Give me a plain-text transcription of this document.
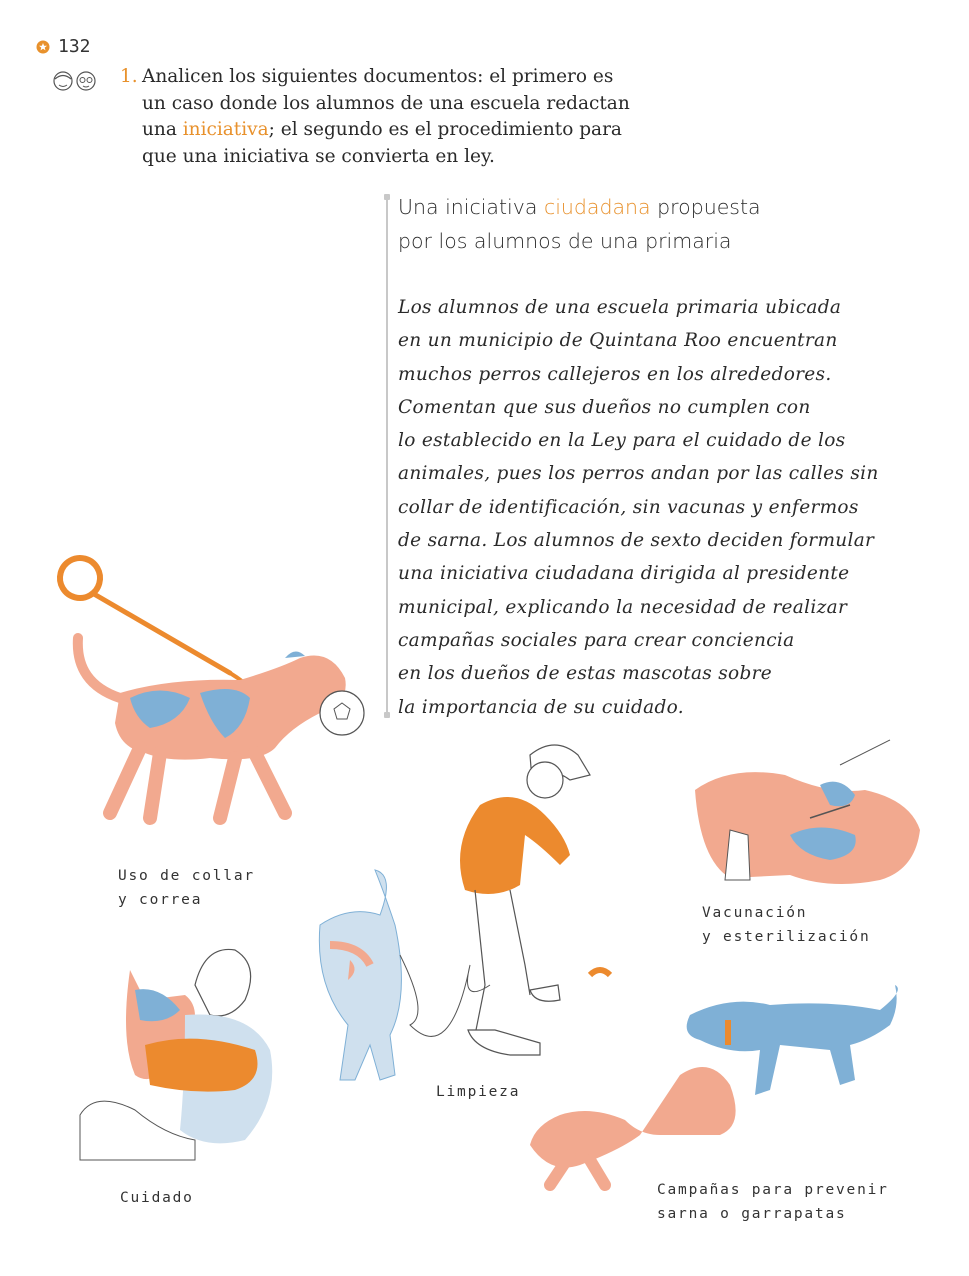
132
1. Analicen los siguientes documentos: el primero es un caso donde los alumnos de una escuela redactan una iniciativa; el segundo es el procedimiento para que una iniciativa se convierta en ley.
Una iniciativa ciudadana propuesta
por los alumnos de una primaria
Los alumnos de una escuela primaria ubicada
en un municipio de Quintana Roo encuentran
muchos perros callejeros en los alrededores.
Comentan que sus dueños no cumplen con
lo establecido en la Ley para el cuidado de los
animales, pues los perros andan por las calles sin
collar de identificación, sin vacunas y enfermos
de sarna. Los alumnos de sexto deciden formular
una iniciativa ciudadana dirigida al presidente
municipal, explicando la necesidad de realizar
campañas sociales para crear conciencia
en los dueños de estas mascotas sobre
la importancia de su cuidado.
Uso de collar
y correa
Limpieza
Vacunación
y esterilización
Cuidado	Campañas para prevenir
sarna o garrapatas
